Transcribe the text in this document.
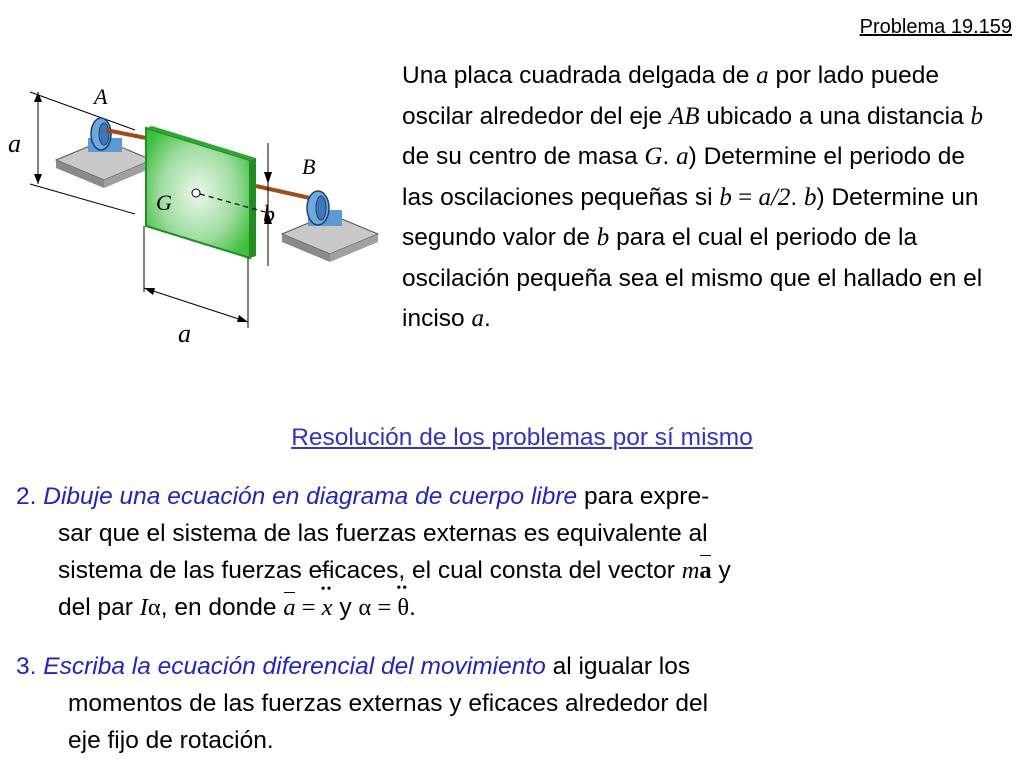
Problema 19.159
a
A
B
G	b
a
Una placa cuadrada delgada de a por lado puede oscilar alrededor del eje AB ubicado a una distancia b de su centro de masa G. a) Determine el periodo de las oscilaciones pequeñas si b = a/2. b) Determine un segundo valor de b para el cual el periodo de la oscilación pequeña sea el mismo que el hallado en el inciso a.
Resolución de los problemas por sí mismo
2. Dibuje una ecuación en diagrama de cuerpo libre para expre-
sar que el sistema de las fuerzas externas es equivalente al
sistema de las fuerzas eficaces, el cual consta del vector ma y
del par Iα, en donde a = •• x y α = •• θ.
3. Escriba la ecuación diferencial del movimiento al igualar los
momentos de las fuerzas externas y eficaces alrededor del
eje fijo de rotación.
